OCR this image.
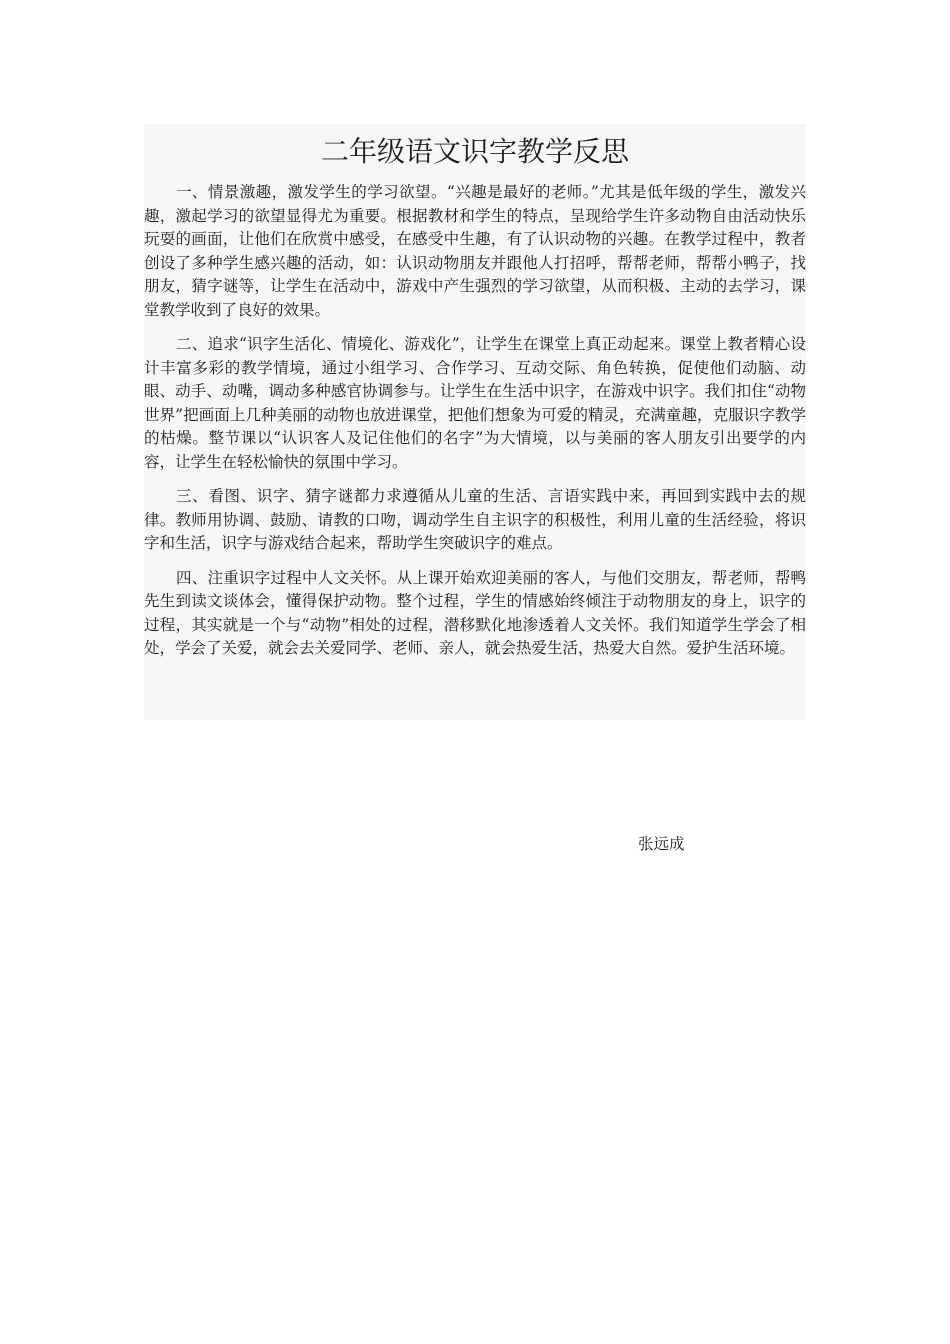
二年级语文识字教学反思

一、情景激趣，激发学生的学习欲望。“兴趣是最好的老师。”尤其是低年级的学生，激发兴趣，激起学习的欲望显得尤为重要。根据教材和学生的特点，呈现给学生许多动物自由活动快乐玩耍的画面，让他们在欣赏中感受，在感受中生趣，有了认识动物的兴趣。在教学过程中，教者创设了多种学生感兴趣的活动，如：认识动物朋友并跟他人打招呼，帮帮老师，帮帮小鸭子，找朋友，猜字谜等，让学生在活动中，游戏中产生强烈的学习欲望，从而积极、主动的去学习，课堂教学收到了良好的效果。

二、追求“识字生活化、情境化、游戏化”，让学生在课堂上真正动起来。课堂上教者精心设计丰富多彩的教学情境，通过小组学习、合作学习、互动交际、角色转换，促使他们动脑、动眼、动手、动嘴，调动多种感官协调参与。让学生在生活中识字，在游戏中识字。我们扣住“动物世界”把画面上几种美丽的动物也放进课堂，把他们想象为可爱的精灵，充满童趣，克服识字教学的枯燥。整节课以“认识客人及记住他们的名字”为大情境，以与美丽的客人朋友引出要学的内容，让学生在轻松愉快的氛围中学习。

三、看图、识字、猜字谜都力求遵循从儿童的生活、言语实践中来，再回到实践中去的规律。教师用协调、鼓励、请教的口吻，调动学生自主识字的积极性，利用儿童的生活经验，将识字和生活，识字与游戏结合起来，帮助学生突破识字的难点。

四、注重识字过程中人文关怀。从上课开始欢迎美丽的客人，与他们交朋友，帮老师，帮鸭先生到读文谈体会，懂得保护动物。整个过程，学生的情感始终倾注于动物朋友的身上，识字的过程，其实就是一个与“动物”相处的过程，潜移默化地渗透着人文关怀。我们知道学生学会了相处，学会了关爱，就会去关爱同学、老师、亲人，就会热爱生活，热爱大自然。爱护生活环境。

张远成
